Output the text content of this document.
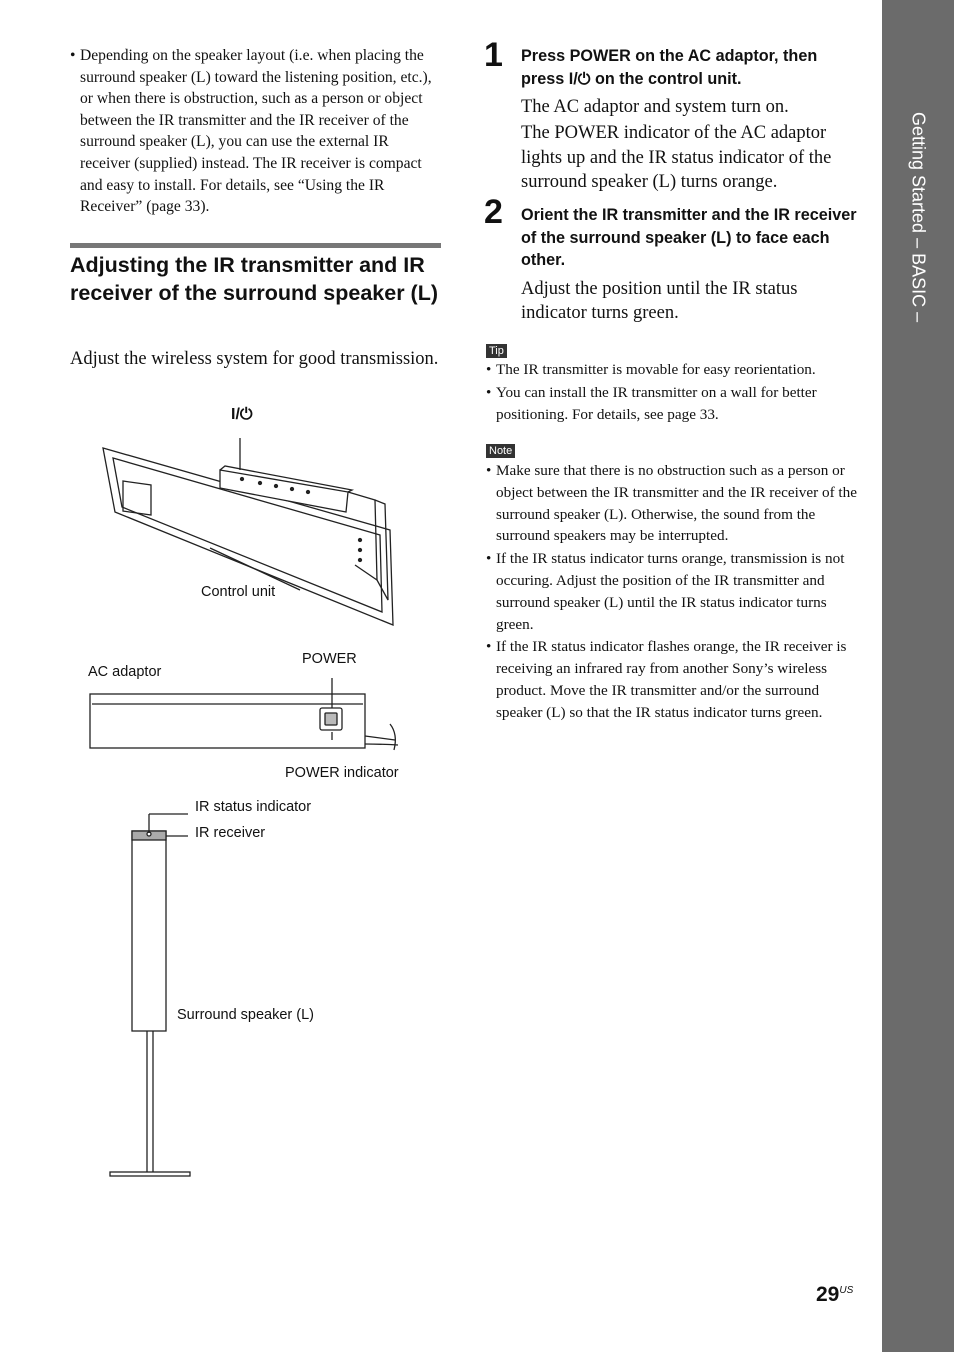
Getting Started – BASIC –
• Depending on the speaker layout (i.e. when placing the surround speaker (L) toward the listening position, etc.), or when there is obstruction, such as a person or object between the IR transmitter and the IR receiver of the surround speaker (L), you can use the external IR receiver (supplied) instead. The IR receiver is compact and easy to install. For details, see “Using the IR Receiver” (page 33).
Adjusting the IR transmitter and IR receiver of the surround speaker (L)
Adjust the wireless system for good transmission.
I/⏻
Control unit
AC adaptor
POWER
POWER indicator
IR status indicator
IR receiver
Surround speaker (L)
1 Press POWER on the AC adaptor, then press I/⏻ on the control unit.

The AC adaptor and system turn on.

The POWER indicator of the AC adaptor lights up and the IR status indicator of the surround speaker (L) turns orange.

2 Orient the IR transmitter and the IR receiver of the surround speaker (L) to face each other.

Adjust the position until the IR status indicator turns green.

Tip
• The IR transmitter is movable for easy reorientation.
• You can install the IR transmitter on a wall for better positioning. For details, see page 33.
Note
• Make sure that there is no obstruction such as a person or object between the IR transmitter and the IR receiver of the surround speaker (L). Otherwise, the sound from the surround speakers may be interrupted.
• If the IR status indicator turns orange, transmission is not occuring. Adjust the position of the IR transmitter and surround speaker (L) until the IR status indicator turns green.
• If the IR status indicator flashes orange, the IR receiver is receiving an infrared ray from another Sony’s wireless product. Move the IR transmitter and/or the surround speaker (L) so that the IR status indicator turns green.
$29^{US}$
